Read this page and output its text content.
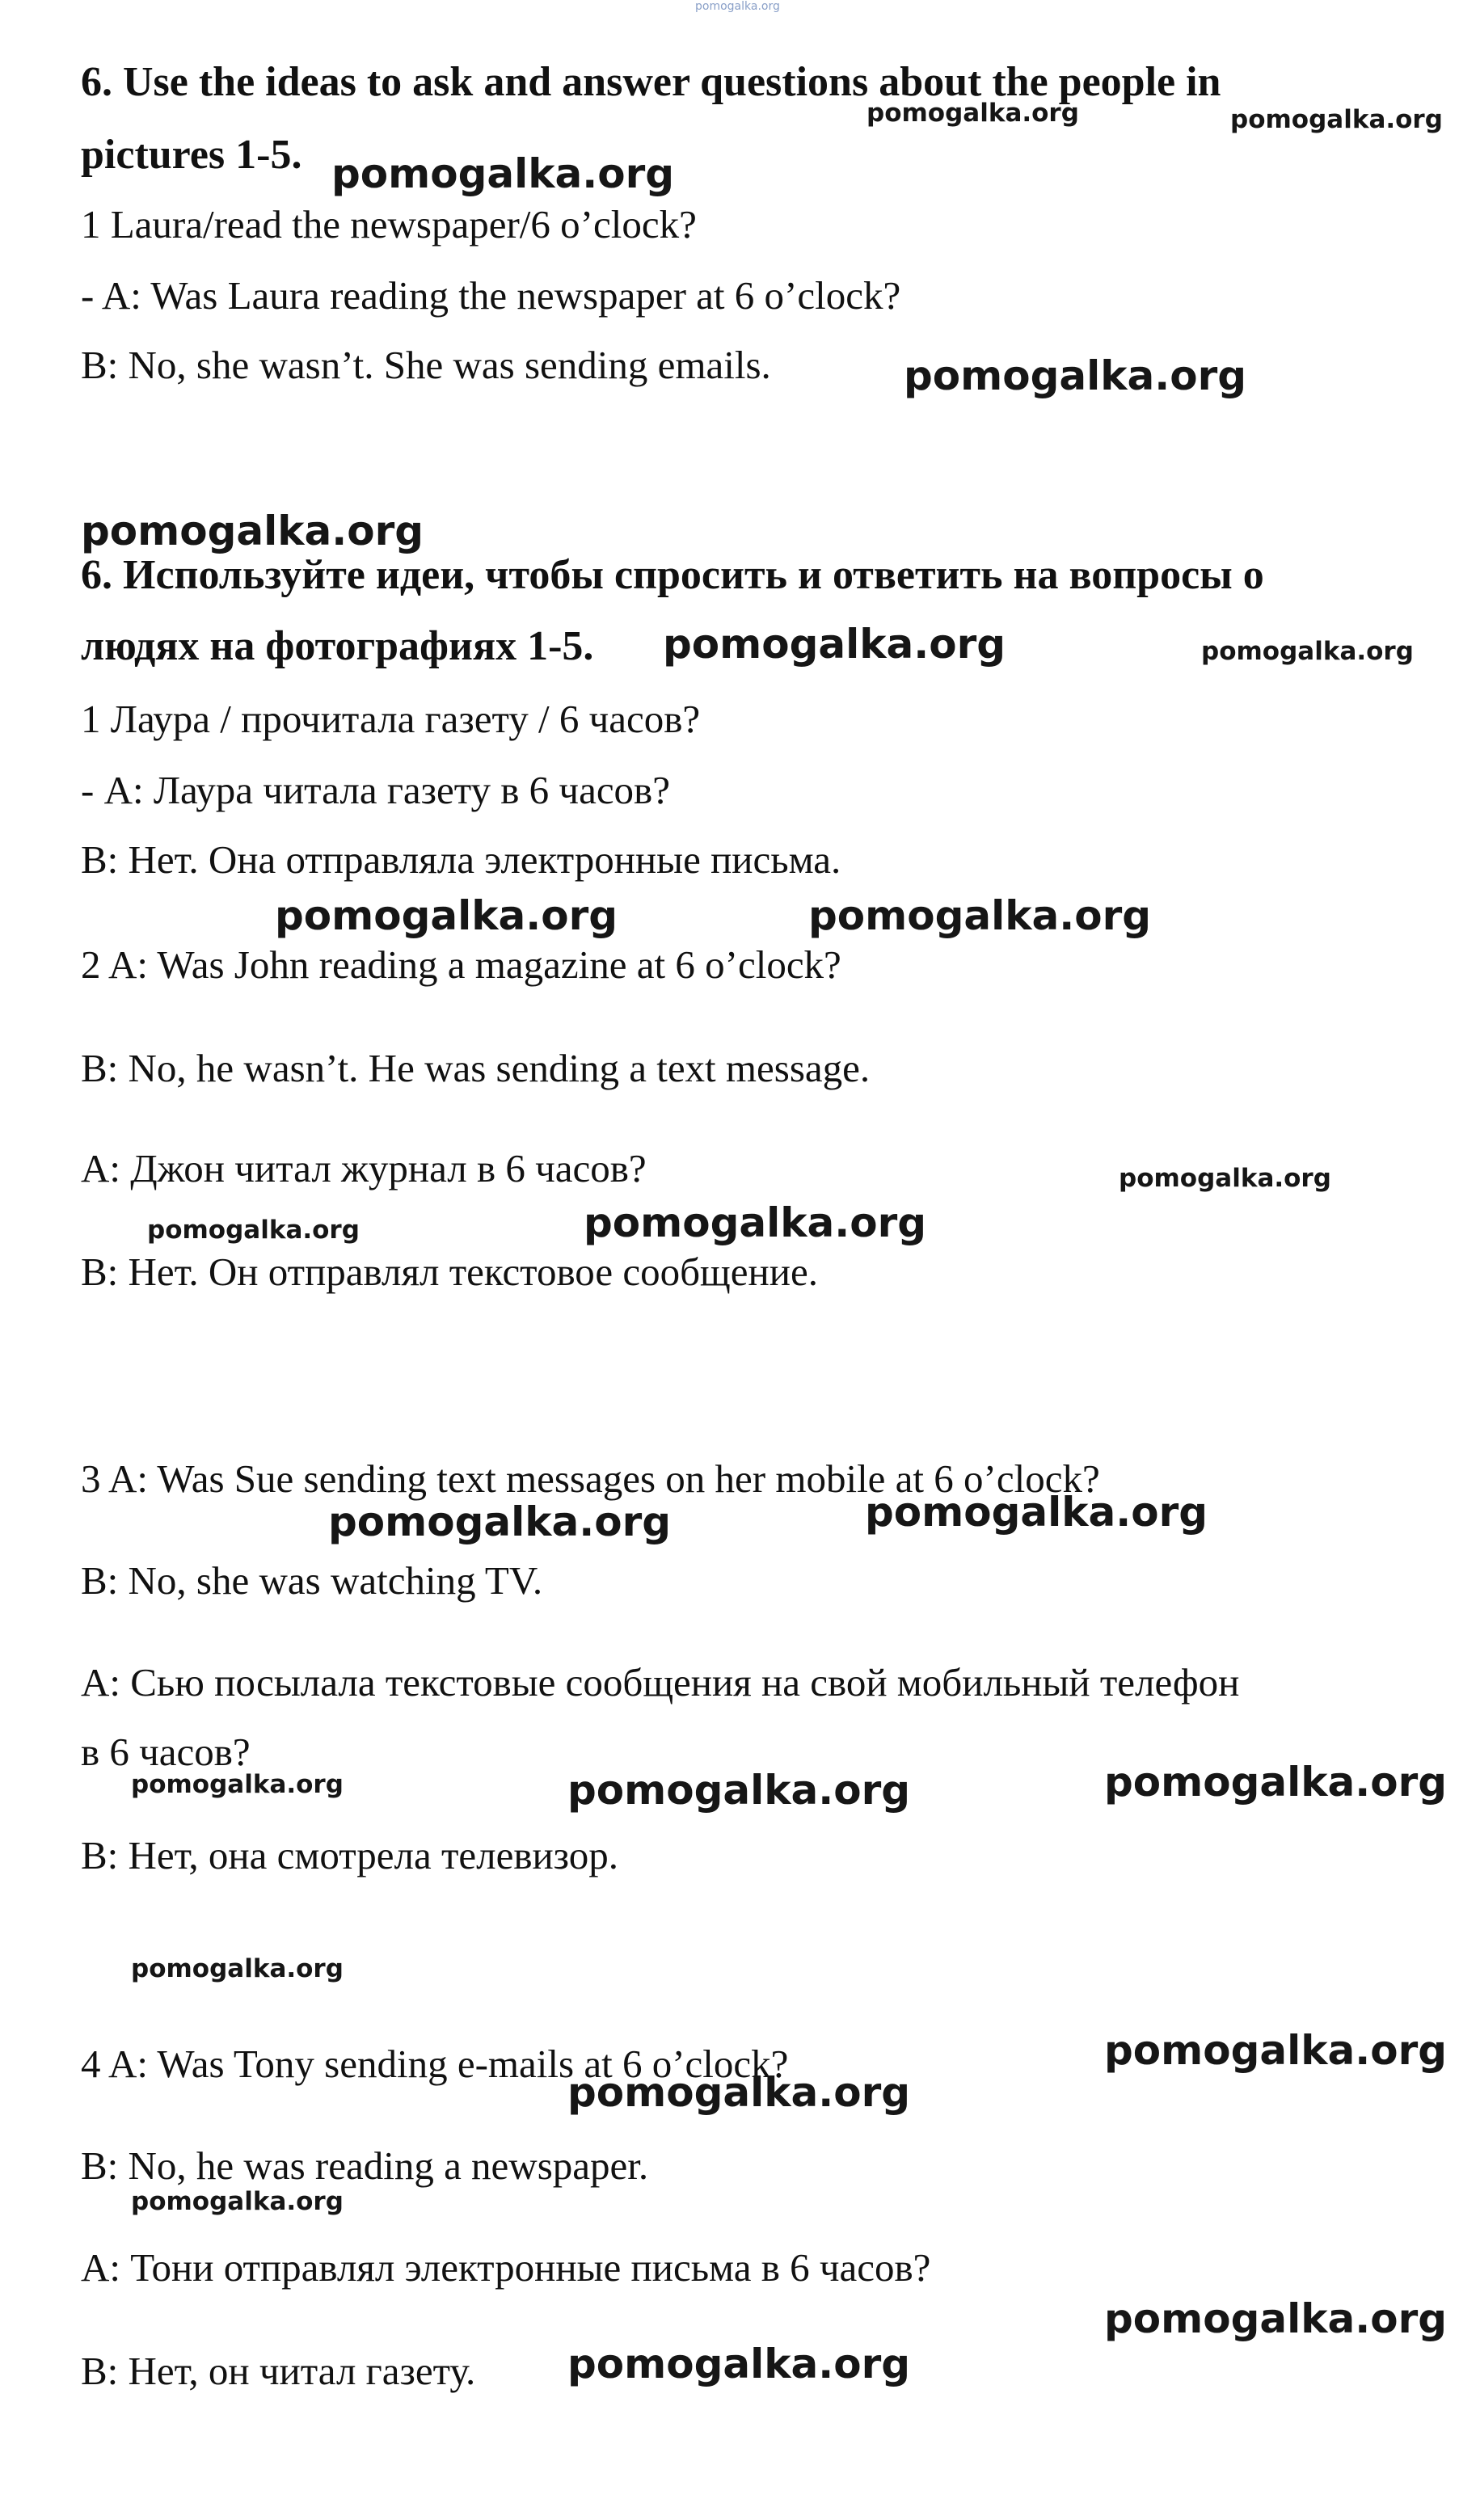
pomogalka.org
6. Use the ideas to ask and answer questions about the people in
pictures 1-5.
1 Laura/read the newspaper/6 o’clock?
- A: Was Laura reading the newspaper at 6 o’clock?
B: No, she wasn’t. She was sending emails.
6. Используйте идеи, чтобы спросить и ответить на вопросы о
людях на фотографиях 1-5.
1 Лаура / прочитала газету / 6 часов?
- А: Лаура читала газету в 6 часов?
В: Нет. Она отправляла электронные письма.
2 A: Was John reading a magazine at 6 o’clock?
B: No, he wasn’t. He was sending a text message.
А: Джон читал журнал в 6 часов?
В: Нет. Он отправлял текстовое сообщение.
3 A: Was Sue sending text messages on her mobile at 6 o’clock?
B: No, she was watching TV.
А: Сью посылала текстовые сообщения на свой мобильный телефон
в 6 часов?
В: Нет, она смотрела телевизор.
4 A: Was Tony sending e-mails at 6 o’clock?
B: No, he was reading a newspaper.
А: Тони отправлял электронные письма в 6 часов?
В: Нет, он читал газету.
pomogalka.org	pomogalka.org
pomogalka.org
pomogalka.org
pomogalka.org
pomogalka.org	pomogalka.org
pomogalka.org	pomogalka.org
pomogalka.org
pomogalka.org	pomogalka.org
pomogalka.org	pomogalka.org
pomogalka.org	pomogalka.org	pomogalka.org
pomogalka.org
pomogalka.org
pomogalka.org
pomogalka.org
pomogalka.org
pomogalka.org
